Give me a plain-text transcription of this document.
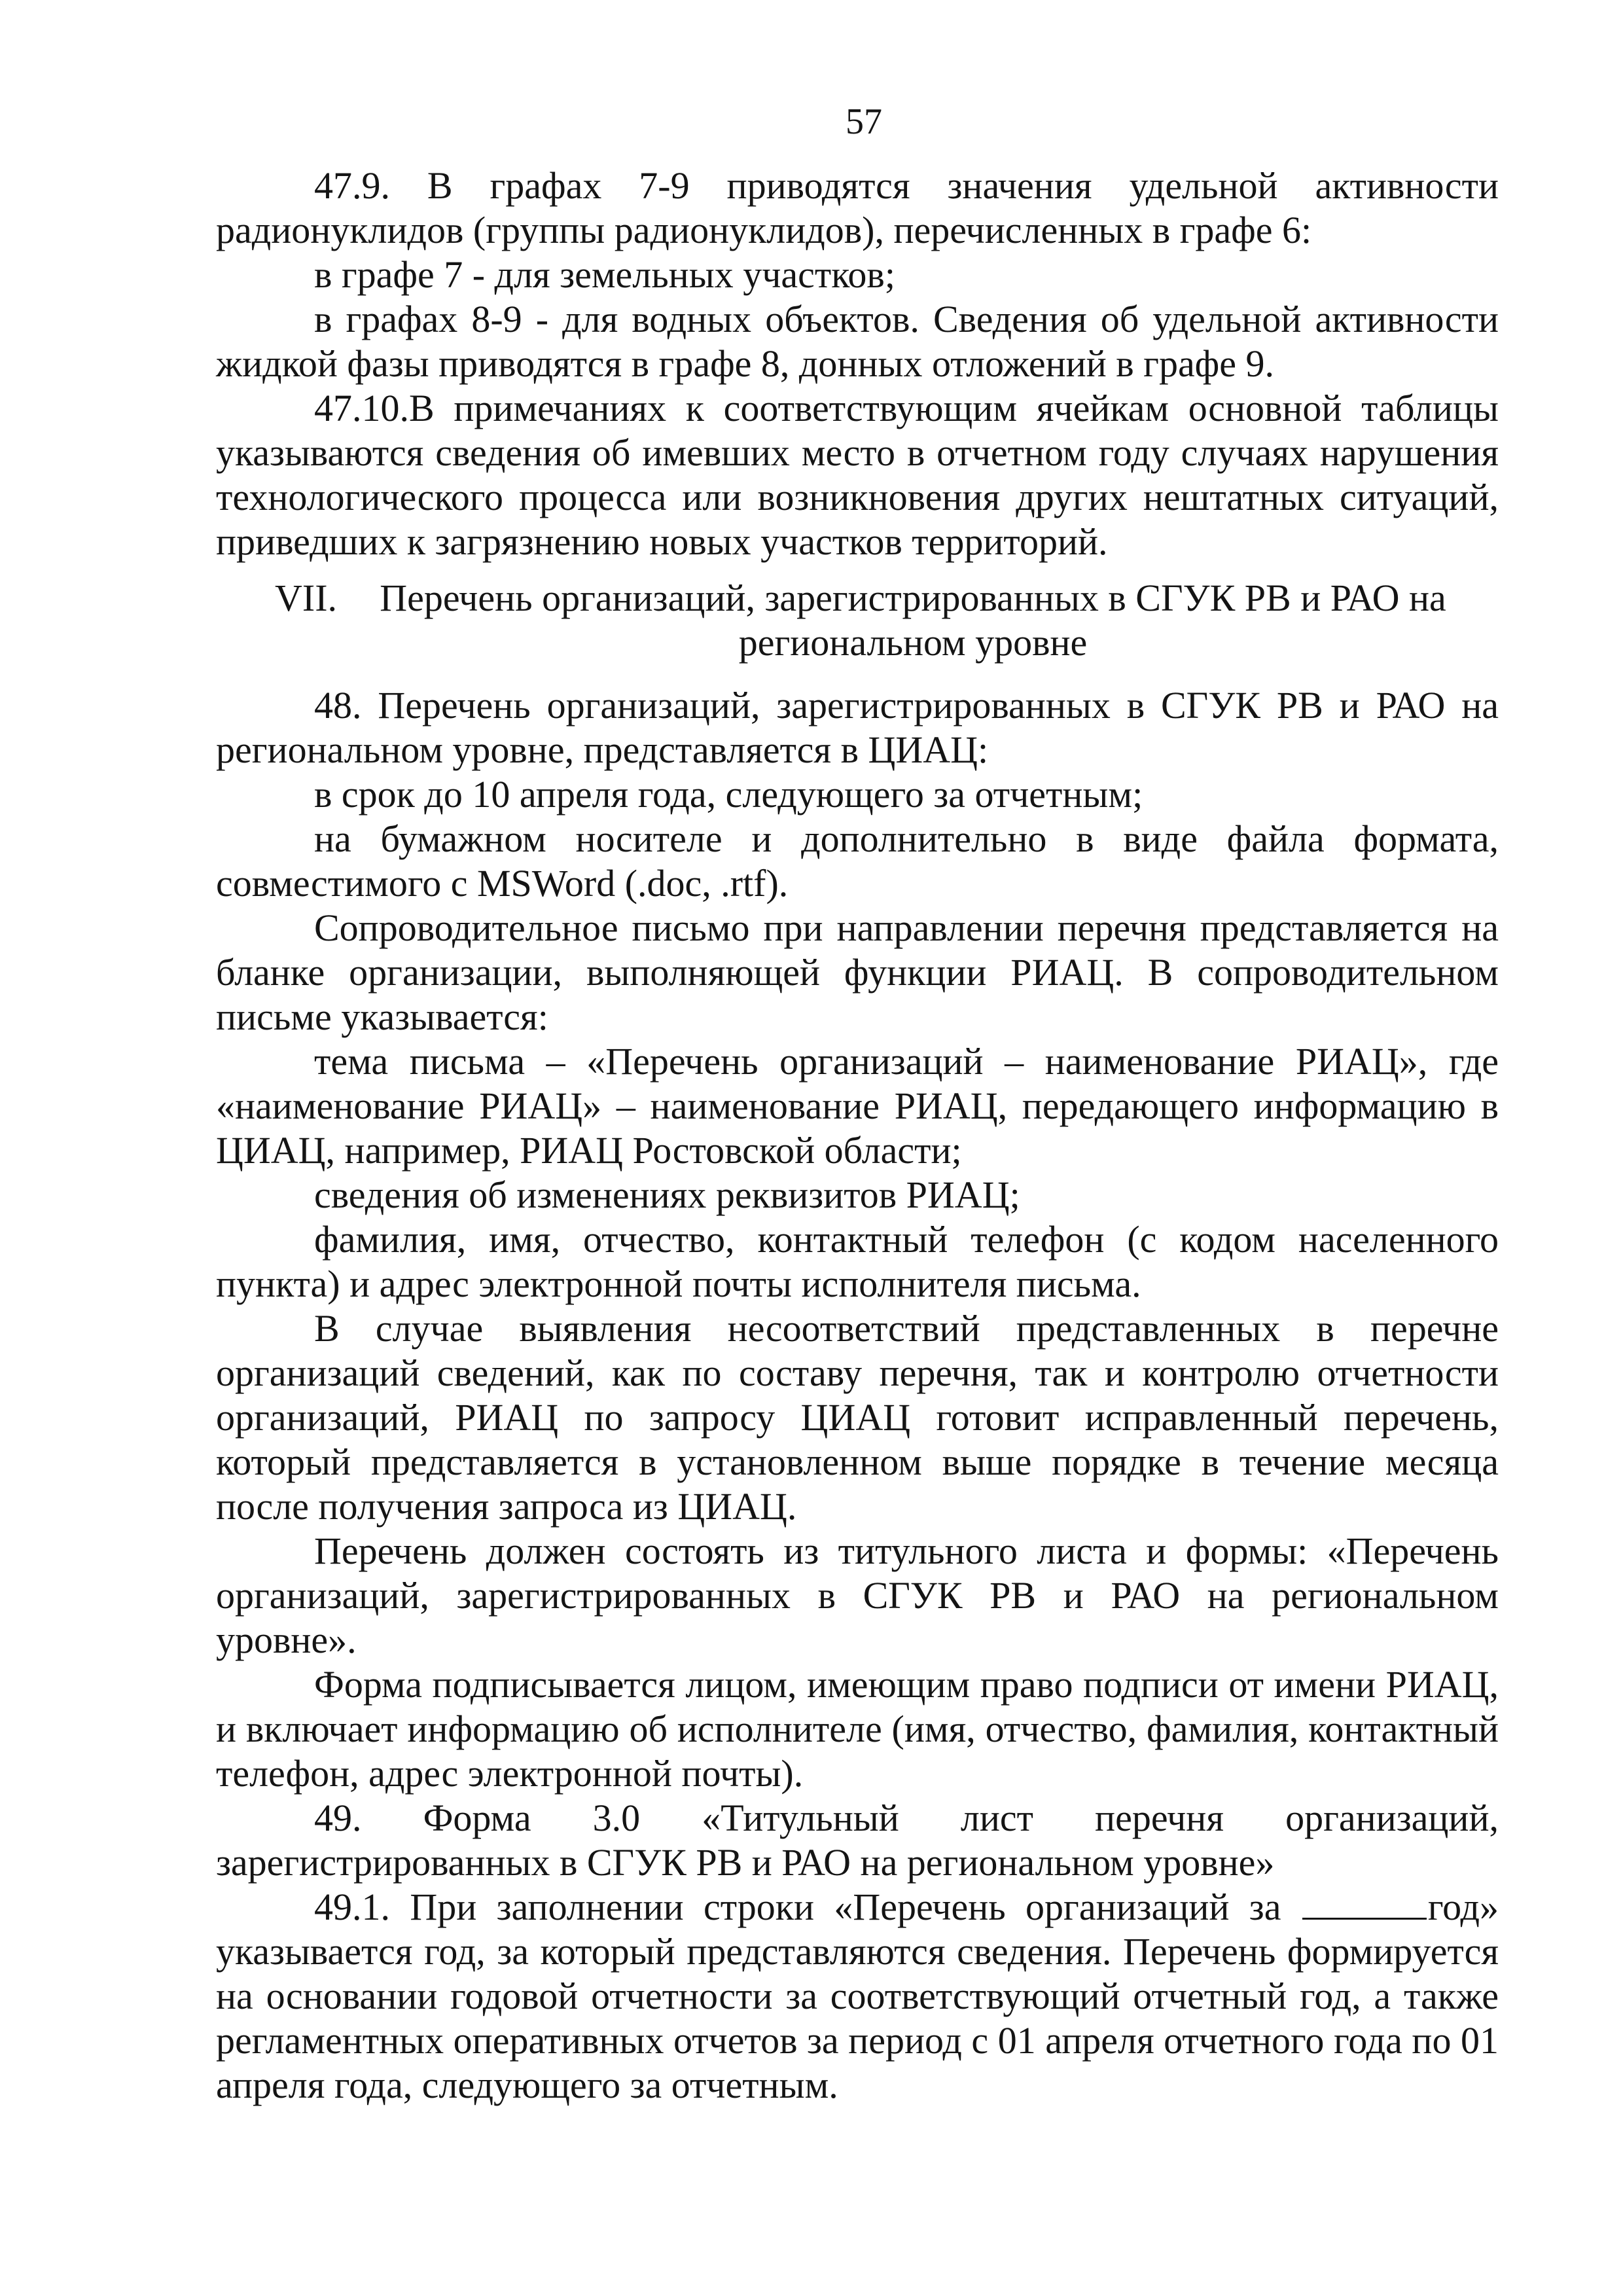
57

47.9. В графах 7-9 приводятся значения удельной активности радионуклидов (группы радионуклидов), перечисленных в графе 6:

в графе 7 - для земельных участков;

в графах 8-9 - для водных объектов. Сведения об удельной активности жидкой фазы приводятся в графе 8, донных отложений в графе 9.

47.10.В примечаниях к соответствующим ячейкам основной таблицы указываются сведения об имевших место в отчетном году случаях нарушения технологического процесса или возникновения других нештатных ситуаций, приведших к загрязнению новых участков территорий.

VII.	Перечень организаций, зарегистрированных в СГУК РВ и РАО на региональном уровне

48. Перечень организаций, зарегистрированных в СГУК РВ и РАО на региональном уровне, представляется в ЦИАЦ:

в срок до 10 апреля года, следующего за отчетным;

на бумажном носителе и дополнительно в виде файла формата, совместимого с MSWord (.doc, .rtf).

Сопроводительное письмо при направлении перечня представляется на бланке организации, выполняющей функции РИАЦ. В сопроводительном письме указывается:

тема письма – «Перечень организаций – наименование РИАЦ», где «наименование РИАЦ» – наименование РИАЦ, передающего информацию в ЦИАЦ, например, РИАЦ Ростовской области;

сведения об изменениях реквизитов РИАЦ;

фамилия, имя, отчество, контактный телефон (с кодом населенного пункта) и адрес электронной почты исполнителя письма.

В случае выявления несоответствий представленных в перечне организаций сведений, как по составу перечня, так и контролю отчетности организаций, РИАЦ по запросу ЦИАЦ готовит исправленный перечень, который представляется в установленном выше порядке в течение месяца после получения запроса из ЦИАЦ.

Перечень должен состоять из титульного листа и формы: «Перечень организаций, зарегистрированных в СГУК РВ и РАО на региональном уровне».

Форма подписывается лицом, имеющим право подписи от имени РИАЦ, и включает информацию об исполнителе (имя, отчество, фамилия, контактный телефон, адрес электронной почты).

49. Форма 3.0 «Титульный лист перечня организаций, зарегистрированных в СГУК РВ и РАО на региональном уровне»

49.1. При заполнении строки «Перечень организаций за	год» указывается год, за который представляются сведения. Перечень формируется на основании годовой отчетности за соответствующий отчетный год, а также регламентных оперативных отчетов за период с 01 апреля отчетного года по 01 апреля года, следующего за отчетным.
